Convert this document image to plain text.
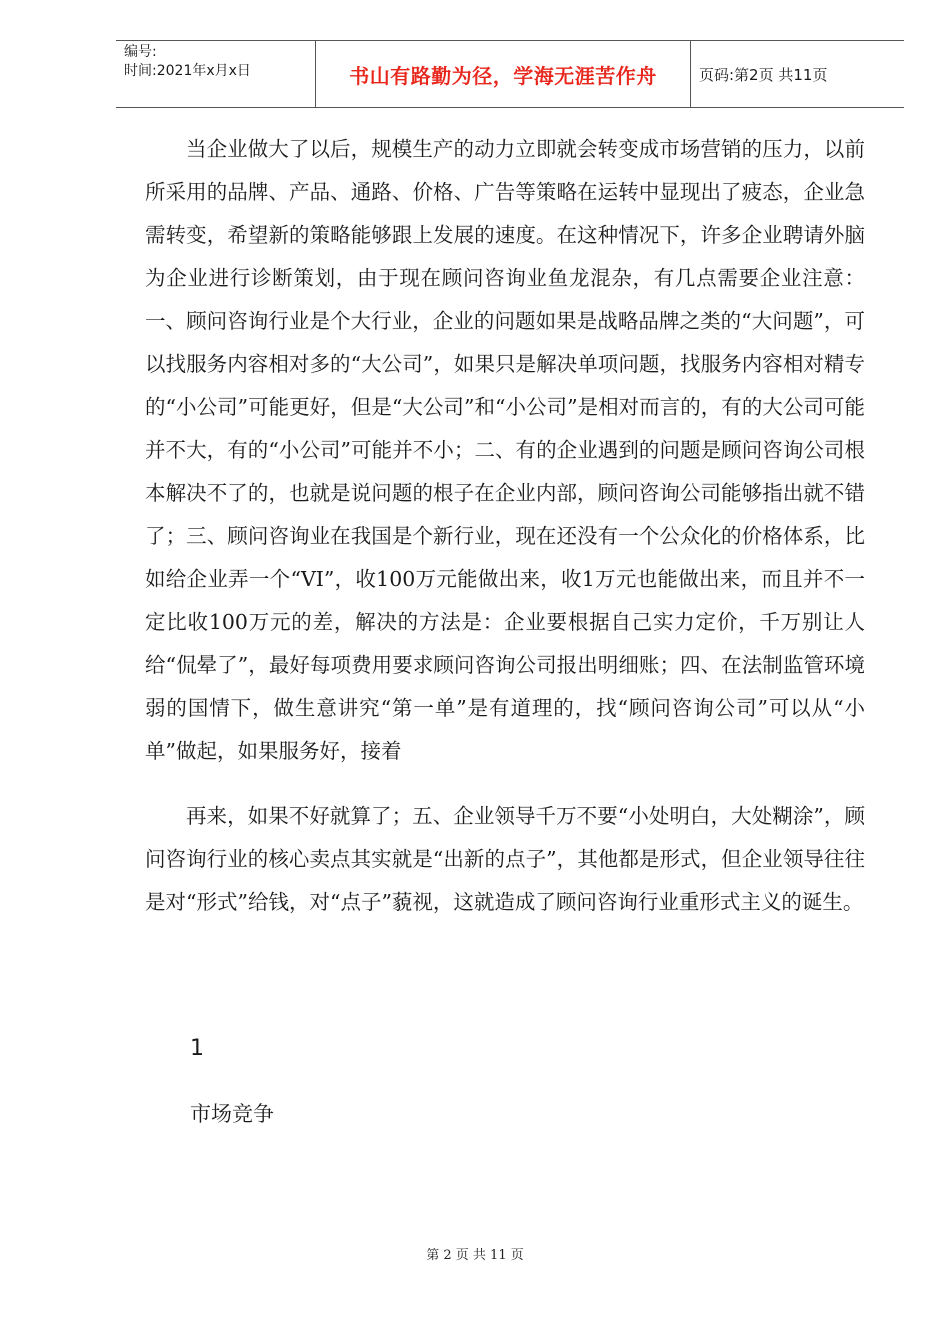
编号:
时间:2021年x月x日	书山有路勤为径，学海无涯苦作舟	页码:第2页 共11页

当企业做大了以后，规模生产的动力立即就会转变成市场营销的压力，以前所采用的品牌、产品、通路、价格、广告等策略在运转中显现出了疲态，企业急需转变，希望新的策略能够跟上发展的速度。在这种情况下，许多企业聘请外脑为企业进行诊断策划，由于现在顾问咨询业鱼龙混杂，有几点需要企业注意：一、顾问咨询行业是个大行业，企业的问题如果是战略品牌之类的“大问题”，可以找服务内容相对多的“大公司”，如果只是解决单项问题，找服务内容相对精专的“小公司”可能更好，但是“大公司”和“小公司”是相对而言的，有的大公司可能并不大，有的“小公司”可能并不小；二、有的企业遇到的问题是顾问咨询公司根本解决不了的，也就是说问题的根子在企业内部，顾问咨询公司能够指出就不错了；三、顾问咨询业在我国是个新行业，现在还没有一个公众化的价格体系，比如给企业弄一个“VI”，收100万元能做出来，收1万元也能做出来，而且并不一定比收100万元的差，解决的方法是：企业要根据自己实力定价，千万别让人给“侃晕了”，最好每项费用要求顾问咨询公司报出明细账；四、在法制监管环境弱的国情下，做生意讲究“第一单”是有道理的，找“顾问咨询公司”可以从“小单”做起，如果服务好，接着

再来，如果不好就算了；五、企业领导千万不要“小处明白，大处糊涂”，顾问咨询行业的核心卖点其实就是“出新的点子”，其他都是形式，但企业领导往往是对“形式”给钱，对“点子”藐视，这就造成了顾问咨询行业重形式主义的诞生。

1
市场竞争
第 2 页 共 11 页
